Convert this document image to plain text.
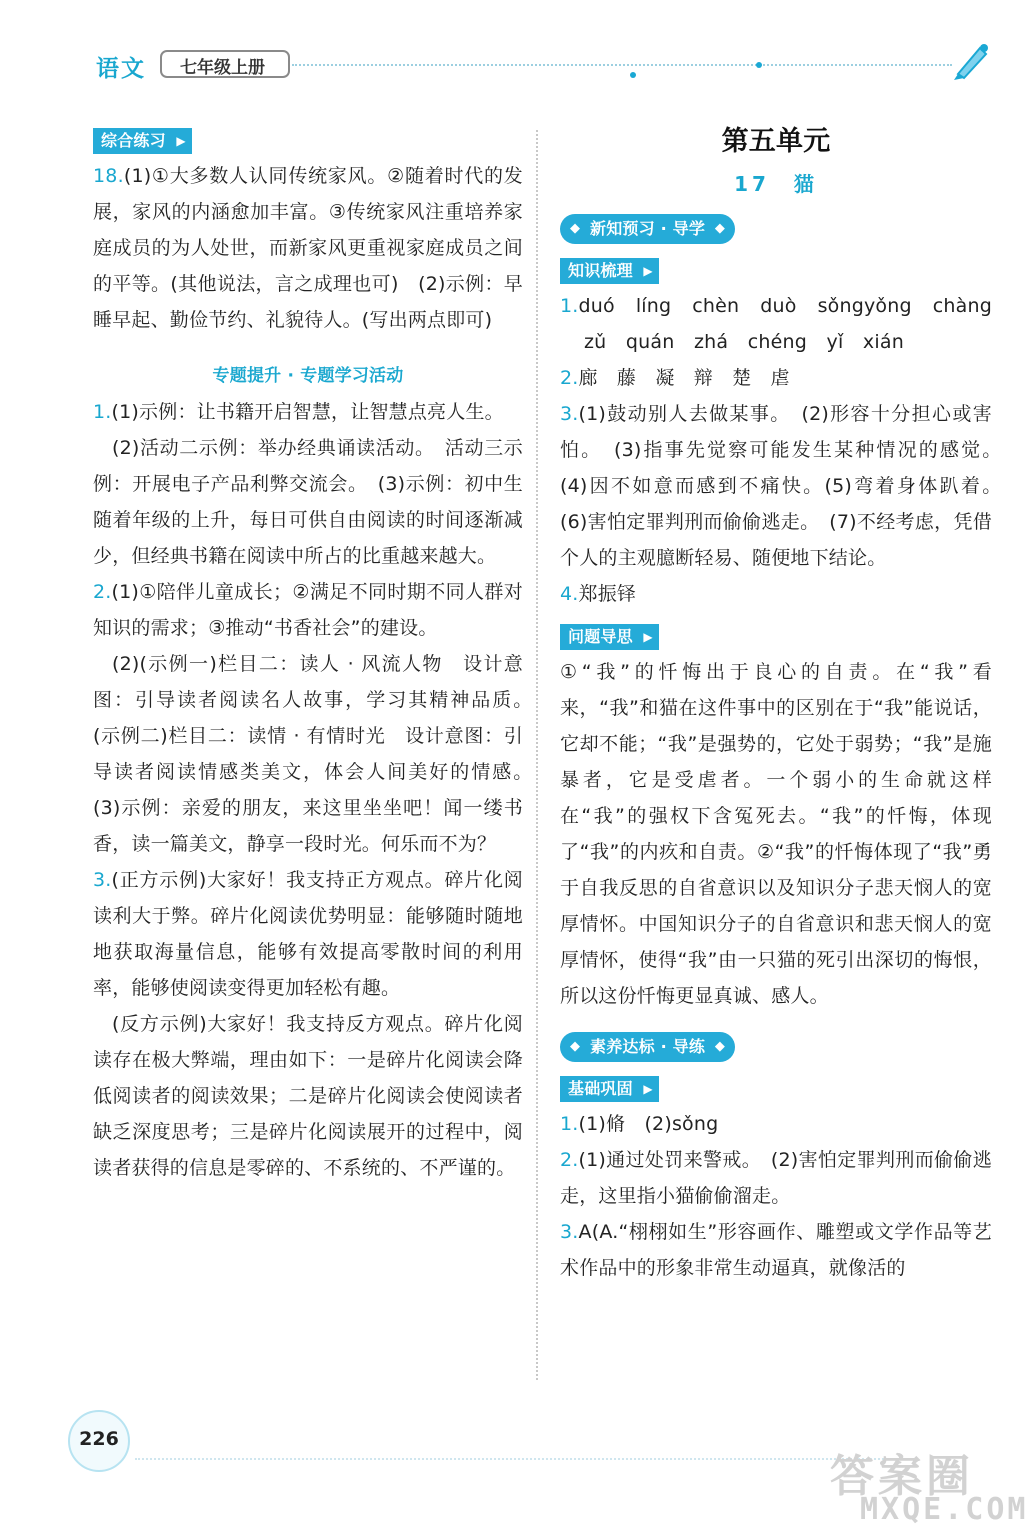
语文 七年级上册
综合练习 ▶

18.(1)①大多数人认同传统家风。②随着时代的发展，家风的内涵愈加丰富。③传统家风注重培养家庭成员的为人处世，而新家风更重视家庭成员之间的平等。(其他说法，言之成理也可)　(2)示例：早睡早起、勤俭节约、礼貌待人。(写出两点即可)

专题提升 · 专题学习活动

1.(1)示例：让书籍开启智慧，让智慧点亮人生。

(2)活动二示例：举办经典诵读活动。　活动三示例：开展电子产品利弊交流会。　(3)示例：初中生随着年级的上升，每日可供自由阅读的时间逐渐减少，但经典书籍在阅读中所占的比重越来越大。

2.(1)①陪伴儿童成长；②满足不同时期不同人群对知识的需求；③推动“书香社会”的建设。

(2)(示例一)栏目二：读人 · 风流人物　设计意图：引导读者阅读名人故事，学习其精神品质。　(示例二)栏目二：读情 · 有情时光　设计意图：引导读者阅读情感类美文，体会人间美好的情感。　(3)示例：亲爱的朋友，来这里坐坐吧！闻一缕书香，读一篇美文，静享一段时光。何乐而不为？

3.(正方示例)大家好！我支持正方观点。碎片化阅读利大于弊。碎片化阅读优势明显：能够随时随地地获取海量信息，能够有效提高零散时间的利用率，能够使阅读变得更加轻松有趣。

(反方示例)大家好！我支持反方观点。碎片化阅读存在极大弊端，理由如下：一是碎片化阅读会降低阅读者的阅读效果；二是碎片化阅读会使阅读者缺乏深度思考；三是碎片化阅读展开的过程中，阅读者获得的信息是零碎的、不系统的、不严谨的。

第五单元

17　猫

◆ 新知预习 · 导学 ◆
知识梳理 ▶
1.duó líng chèn duò sǒngyǒng chàng
zǔ quán zhá chéng yǐ xián

2.廊　藤　凝　辩　楚　虐

3.(1)鼓动别人去做某事。　(2)形容十分担心或害怕。　(3)指事先觉察可能发生某种情况的感觉。　(4)因不如意而感到不痛快。(5)弯着身体趴着。　(6)害怕定罪判刑而偷偷逃走。　(7)不经考虑，凭借个人的主观臆断轻易、随便地下结论。

4.郑振铎

问题导思 ▶

①“我”的忏悔出于良心的自责。在“我”看来，“我”和猫在这件事中的区别在于“我”能说话，它却不能；“我”是强势的，它处于弱势；“我”是施暴者，它是受虐者。一个弱小的生命就这样在“我”的强权下含冤死去。“我”的忏悔，体现了“我”的内疚和自责。②“我”的忏悔体现了“我”勇于自我反思的自省意识以及知识分子悲天悯人的宽厚情怀。中国知识分子的自省意识和悲天悯人的宽厚情怀，使得“我”由一只猫的死引出深切的悔恨，所以这份忏悔更显真诚、感人。

◆ 素养达标 · 导练 ◆
基础巩固 ▶

1.(1)脩　(2)sǒng

2.(1)通过处罚来警戒。　(2)害怕定罪判刑而偷偷逃走，这里指小猫偷偷溜走。

3.A(A.“栩栩如生”形容画作、雕塑或文学作品等艺术作品中的形象非常生动逼真，就像活的

226
答案圈
MXQE.COM
